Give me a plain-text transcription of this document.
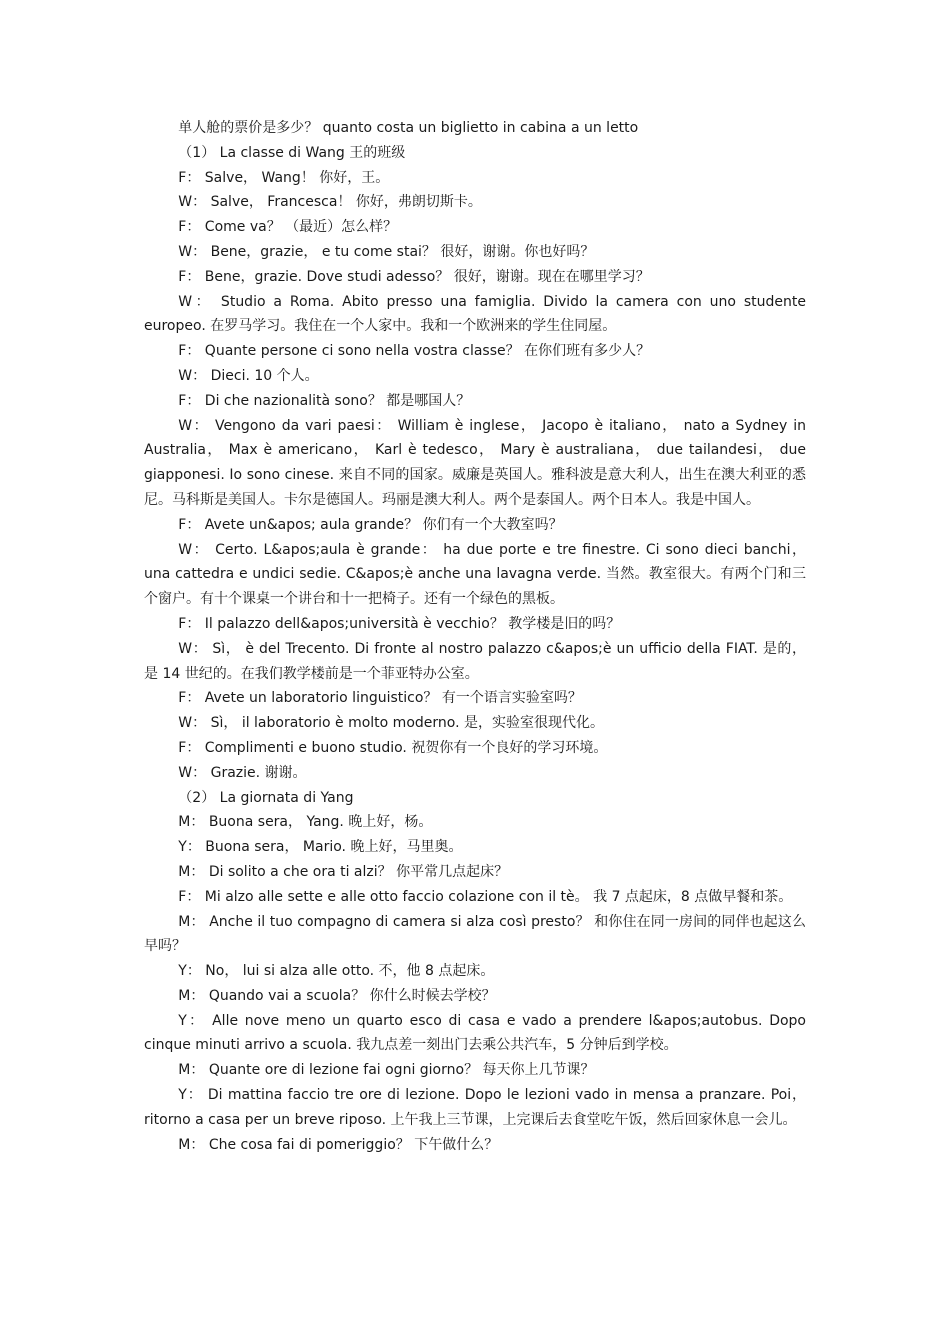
单人舱的票价是多少？ quanto costa un biglietto in cabina a un letto

（1） La classe di Wang 王的班级

F： Salve， Wang！ 你好，王。

W： Salve， Francesca！ 你好，弗朗切斯卡。

F： Come va？ （最近）怎么样？

W： Bene，grazie， e tu come stai？ 很好，谢谢。你也好吗？

F： Bene，grazie. Dove studi adesso？ 很好，谢谢。现在在哪里学习？

W： Studio a Roma. Abito presso una famiglia. Divido la camera con uno studente europeo. 在罗马学习。我住在一个人家中。我和一个欧洲来的学生住同屋。

F： Quante persone ci sono nella vostra classe？ 在你们班有多少人？

W： Dieci. 10 个人。

F： Di che nazionalità sono？ 都是哪国人？

W： Vengono da vari paesi： William è inglese， Jacopo è italiano， nato a Sydney in Australia， Max è americano， Karl è tedesco， Mary è australiana， due tailandesi， due giapponesi. Io sono cinese. 来自不同的国家。威廉是英国人。雅科波是意大利人，出生在澳大利亚的悉尼。马科斯是美国人。卡尔是德国人。玛丽是澳大利人。两个是泰国人。两个日本人。我是中国人。

F： Avete un&apos; aula grande？ 你们有一个大教室吗？

W： Certo. L&apos;aula è grande： ha due porte e tre finestre. Ci sono dieci banchi， una cattedra e undici sedie. C&apos;è anche una lavagna verde. 当然。教室很大。有两个门和三个窗户。有十个课桌一个讲台和十一把椅子。还有一个绿色的黑板。

F： Il palazzo dell&apos;università è vecchio？ 教学楼是旧的吗？

W： Sì， è del Trecento. Di fronte al nostro palazzo c&apos;è un ufficio della FIAT. 是的，是 14 世纪的。在我们教学楼前是一个菲亚特办公室。

F： Avete un laboratorio linguistico？ 有一个语言实验室吗？

W： Sì， il laboratorio è molto moderno. 是，实验室很现代化。

F： Complimenti e buono studio. 祝贺你有一个良好的学习环境。

W： Grazie. 谢谢。

（2） La giornata di Yang

M： Buona sera， Yang. 晚上好，杨。

Y： Buona sera， Mario. 晚上好，马里奥。

M： Di solito a che ora ti alzi？ 你平常几点起床？

F： Mi alzo alle sette e alle otto faccio colazione con il tè。 我 7 点起床，8 点做早餐和茶。

M： Anche il tuo compagno di camera si alza così presto？ 和你住在同一房间的同伴也起这么早吗？

Y： No， lui si alza alle otto. 不，他 8 点起床。

M： Quando vai a scuola？ 你什么时候去学校？

Y： Alle nove meno un quarto esco di casa e vado a prendere l&apos;autobus. Dopo cinque minuti arrivo a scuola. 我九点差一刻出门去乘公共汽车，5 分钟后到学校。

M： Quante ore di lezione fai ogni giorno？ 每天你上几节课？

Y： Di mattina faccio tre ore di lezione. Dopo le lezioni vado in mensa a pranzare. Poi，ritorno a casa per un breve riposo. 上午我上三节课，上完课后去食堂吃午饭，然后回家休息一会儿。

M： Che cosa fai di pomeriggio？ 下午做什么？
